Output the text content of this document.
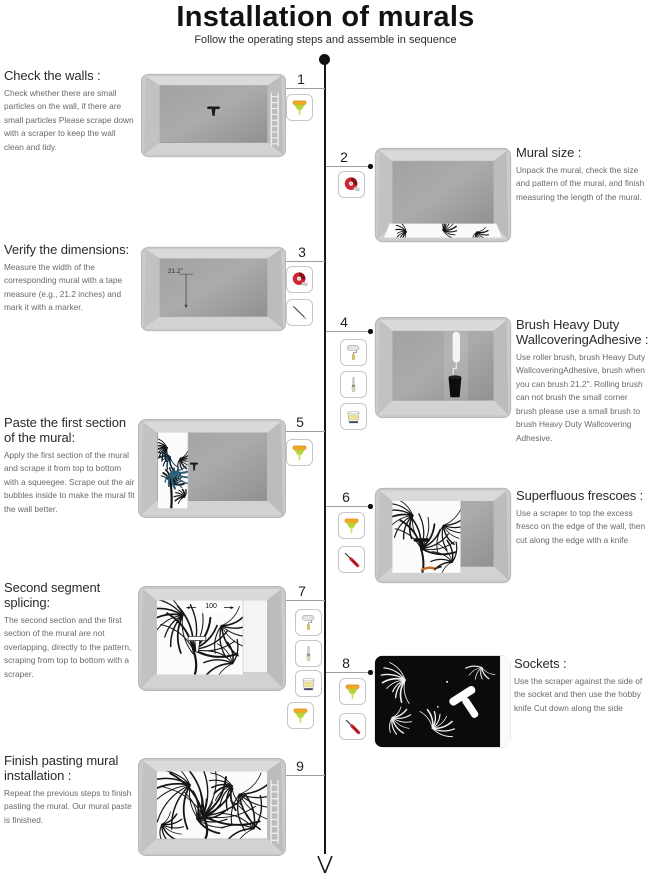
Installation of murals

Follow the operating steps and assemble in sequence

1
Check the walls :

Check whether there are small particles on the wall, if there are small particles Please scrape down with a scraper to keep the wall clean and tidy.

2	Mural size :

Unpack the mural, check the size and pattern of the mural, and finish measuring the length of the mural.

3
Verify the dimensions:

Measure the width of the corresponding mural with a tape measure (e.g., 21.2 inches) and mark it with a marker.

21.2"
4	Brush Heavy Duty WallcoveringAdhesive :

Use roller brush, brush Heavy Duty WallcoveringAdhesive, brush when you can brush 21.2". Rolling brush can not brush the small corner brush please use a small brush to brush Heavy Duty Wallcovering Adhesive.

5
Paste the first section of the mural:

Apply the first section of the mural and scrape it from top to bottom with a squeegee. Scrape out the air bubbles inside to make the mural fit the wall better.

6	Superfluous frescoes :

Use a scraper to top the excess fresco on the edge of the wall, then cut along the edge with a knife

7
Second segment splicing:

The second section and the first section of the mural are not overlapping, directly to the pattern, scraping from top to bottom with a scraper.

100
8	Sockets :

Use the scraper against the side of the socket and then use the hobby knife Cut down along the side

9
Finish pasting mural installation :

Repeat the previous steps to finish pasting the mural. Our mural paste is finished.
